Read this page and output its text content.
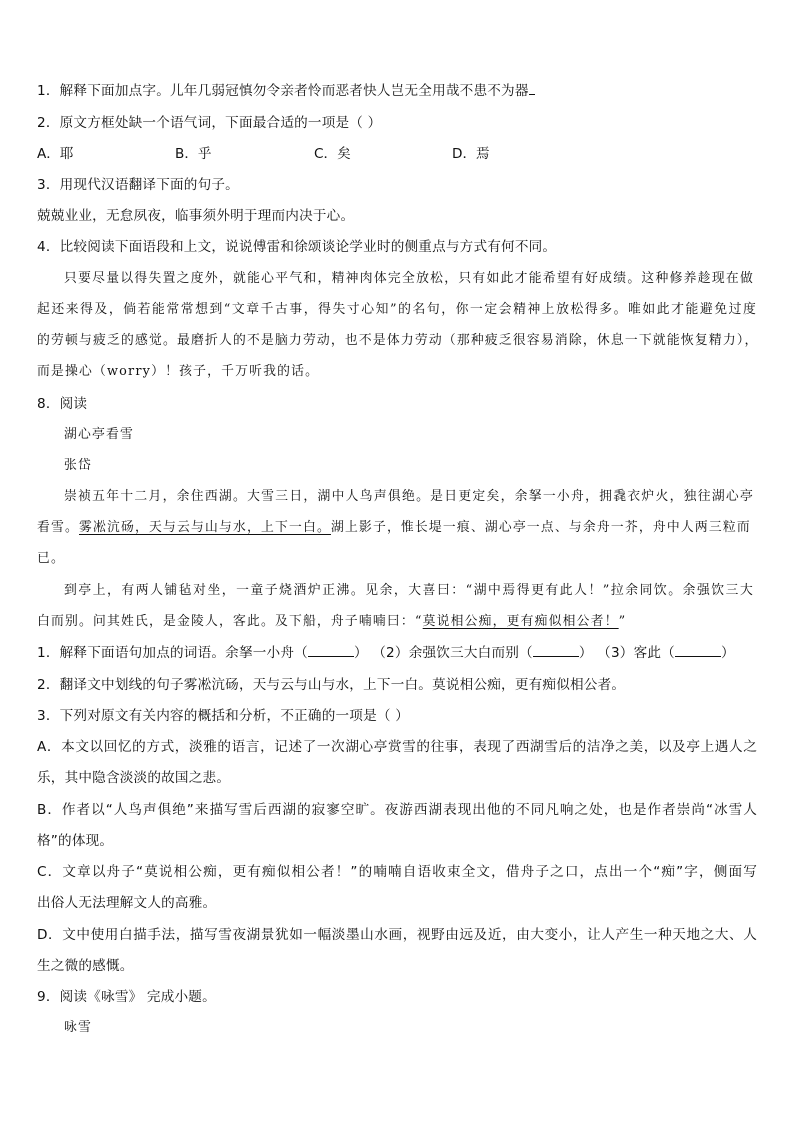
1．解释下面加点字。儿年几弱冠慎勿令亲者怜而恶者快人岂无全用哉不患不为器
2．原文方框处缺一个语气词，下面最合适的一项是（ ）
A．耶	B．乎	C．矣	D．焉
3．用现代汉语翻译下面的句子。
兢兢业业，无怠夙夜，临事须外明于理而内决于心。
4．比较阅读下面语段和上文，说说傅雷和徐颂谈论学业时的侧重点与方式有何不同。
只要尽量以得失置之度外，就能心平气和，精神肉体完全放松，只有如此才能希望有好成绩。这种修养趁现在做
起还来得及，倘若能常常想到“文章千古事，得失寸心知”的名句，你一定会精神上放松得多。唯如此才能避免过度
的劳顿与疲乏的感觉。最磨折人的不是脑力劳动，也不是体力劳动（那种疲乏很容易消除，休息一下就能恢复精力），
而是操心（worry）！孩子，千万听我的话。
8．阅读
湖心亭看雪
张岱
崇祯五年十二月，余住西湖。大雪三日，湖中人鸟声俱绝。是日更定矣，余拏一小舟，拥毳衣炉火，独往湖心亭
看雪。雾凇沆砀，天与云与山与水，上下一白。湖上影子，惟长堤一痕、湖心亭一点、与余舟一芥，舟中人两三粒而
已。
到亭上，有两人铺毡对坐，一童子烧酒炉正沸。见余，大喜曰：“湖中焉得更有此人！”拉余同饮。余强饮三大
白而别。问其姓氏，是金陵人，客此。及下船，舟子喃喃曰：“莫说相公痴，更有痴似相公者！”
1．解释下面语句加点的词语。余拏一小舟（	） （2）余强饮三大白而别（	） （3）客此（	）
2．翻译文中划线的句子雾凇沆砀，天与云与山与水，上下一白。莫说相公痴，更有痴似相公者。
3．下列对原文有关内容的概括和分析，不正确的一项是（ ）
A．本文以回忆的方式，淡雅的语言，记述了一次湖心亭赏雪的往事，表现了西湖雪后的洁净之美，以及亭上遇人之
乐，其中隐含淡淡的故国之悲。
B．作者以“人鸟声俱绝”来描写雪后西湖的寂寥空旷。夜游西湖表现出他的不同凡响之处，也是作者崇尚“冰雪人
格”的体现。
C．文章以舟子“莫说相公痴，更有痴似相公者！”的喃喃自语收束全文，借舟子之口，点出一个“痴”字，侧面写
出俗人无法理解文人的高雅。
D．文中使用白描手法，描写雪夜湖景犹如一幅淡墨山水画，视野由远及近，由大变小，让人产生一种天地之大、人
生之微的感慨。
9．阅读《咏雪》 完成小题。
咏雪
